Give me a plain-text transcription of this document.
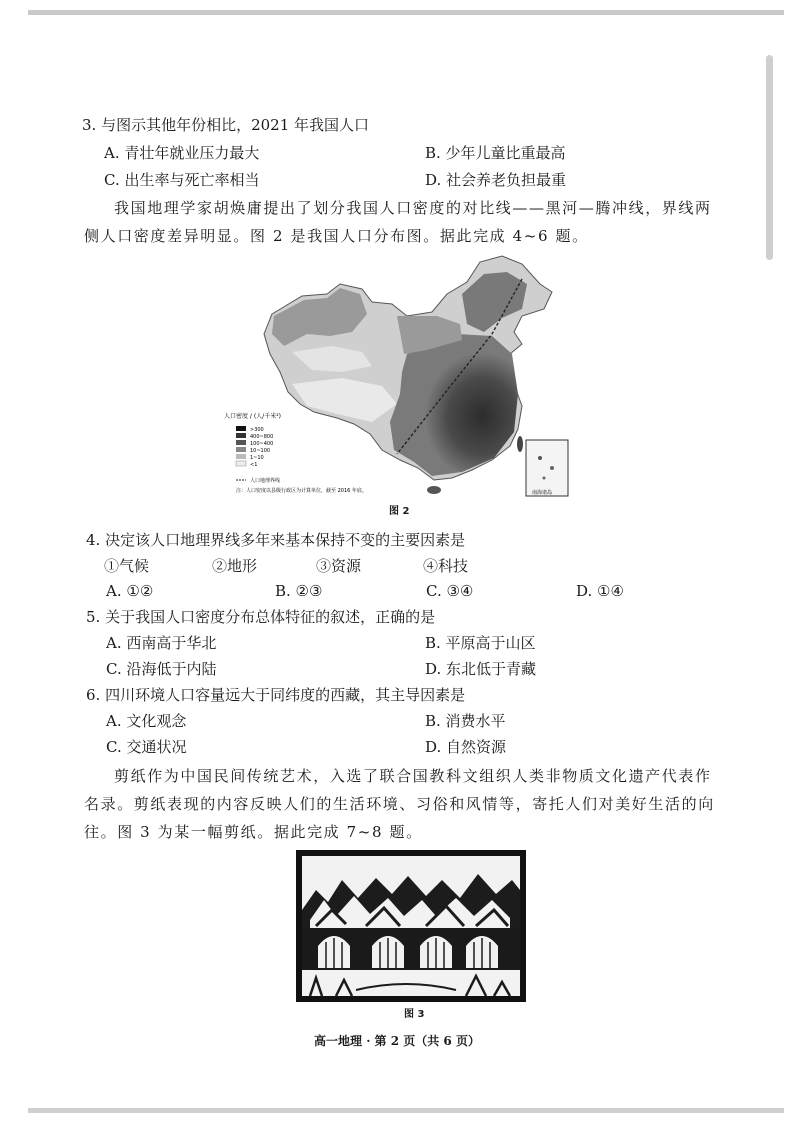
3. 与图示其他年份相比，2021 年我国人口
A. 青壮年就业压力最大	B. 少年儿童比重最高
C. 出生率与死亡率相当	D. 社会养老负担最重
我国地理学家胡焕庸提出了划分我国人口密度的对比线——黑河—腾冲线，界线两
侧人口密度差异明显。图 2 是我国人口分布图。据此完成 4~6 题。
人口密度 / (人/千米²)
>300
400~800
100~400
10~100
1~10
<1
人口地理界线
注：人口密度以县级行政区为计算单位，截至 2016 年底。	南海诸岛
图 2
4. 决定该人口地理界线多年来基本保持不变的主要因素是
①气候	②地形	③资源	④科技
A. ①②	B. ②③	C. ③④	D. ①④
5. 关于我国人口密度分布总体特征的叙述，正确的是
A. 西南高于华北	B. 平原高于山区
C. 沿海低于内陆	D. 东北低于青藏
6. 四川环境人口容量远大于同纬度的西藏，其主导因素是
A. 文化观念	B. 消费水平
C. 交通状况	D. 自然资源
剪纸作为中国民间传统艺术，入选了联合国教科文组织人类非物质文化遗产代表作
名录。剪纸表现的内容反映人们的生活环境、习俗和风情等，寄托人们对美好生活的向
往。图 3 为某一幅剪纸。据此完成 7~8 题。
图 3
高一地理 · 第 2 页（共 6 页）
